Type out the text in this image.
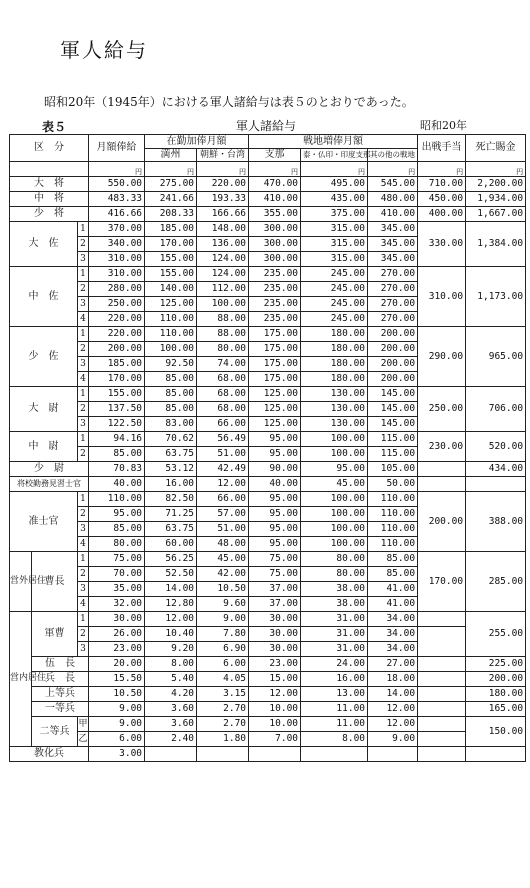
軍人給与
昭和20年（1945年）における軍人諸給与は表５のとおりであった。
表５	軍人諸給与	昭和20年
区　分			月額俸給	在勤加俸月額		戦地増俸月額			出戦手当	死亡賜金
				満州	朝鮮・台湾	支那	泰・仏印・印度支那	其の他の戦地		
			円	円	円	円	円	円	円	円
大　将			550.00	275.00	220.00	470.00	495.00	545.00	710.00	2,200.00
中　将			483.33	241.66	193.33	410.00	435.00	480.00	450.00	1,934.00
少　将			416.66	208.33	166.66	355.00	375.00	410.00	400.00	1,667.00
大　佐		1	370.00	185.00	148.00	300.00	315.00	345.00	330.00	1,384.00
		2	340.00	170.00	136.00	300.00	315.00	345.00		
		3	310.00	155.00	124.00	300.00	315.00	345.00		
中　佐		1	310.00	155.00	124.00	235.00	245.00	270.00	310.00	1,173.00
		2	280.00	140.00	112.00	235.00	245.00	270.00		
		3	250.00	125.00	100.00	235.00	245.00	270.00		
		4	220.00	110.00	88.00	235.00	245.00	270.00		
少　佐		1	220.00	110.00	88.00	175.00	180.00	200.00	290.00	965.00
		2	200.00	100.00	80.00	175.00	180.00	200.00		
		3	185.00	92.50	74.00	175.00	180.00	200.00		
		4	170.00	85.00	68.00	175.00	180.00	200.00		
大　尉		1	155.00	85.00	68.00	125.00	130.00	145.00	250.00	706.00
		2	137.50	85.00	68.00	125.00	130.00	145.00		
		3	122.50	83.00	66.00	125.00	130.00	145.00		
中　尉		1	94.16	70.62	56.49	95.00	100.00	115.00	230.00	520.00
		2	85.00	63.75	51.00	95.00	100.00	115.00		
少　尉			70.83	53.12	42.49	90.00	95.00	105.00		434.00
将校勤務見習士官			40.00	16.00	12.00	40.00	45.00	50.00		
准士官		1	110.00	82.50	66.00	95.00	100.00	110.00	200.00	388.00
		2	95.00	71.25	57.00	95.00	100.00	110.00		
		3	85.00	63.75	51.00	95.00	100.00	110.00		
		4	80.00	60.00	48.00	95.00	100.00	110.00		
営外居住	曹長	1	75.00	56.25	45.00	75.00	80.00	85.00	170.00	285.00
		2	70.00	52.50	42.00	75.00	80.00	85.00		
		3	35.00	14.00	10.50	37.00	38.00	41.00		
		4	32.00	12.80	9.60	37.00	38.00	41.00		
営内居住	軍曹	1	30.00	12.00	9.00	30.00	31.00	34.00		255.00
		2	26.00	10.40	7.80	30.00	31.00	34.00		
		3	23.00	9.20	6.90	30.00	31.00	34.00		
	伍　長		20.00	8.00	6.00	23.00	24.00	27.00		225.00
	兵　長		15.50	5.40	4.05	15.00	16.00	18.00		200.00
	上等兵		10.50	4.20	3.15	12.00	13.00	14.00		180.00
	一等兵		9.00	3.60	2.70	10.00	11.00	12.00		165.00
	二等兵	甲	9.00	3.60	2.70	10.00	11.00	12.00		150.00
		乙	6.00	2.40	1.80	7.00	8.00	9.00		
教化兵			3.00							
